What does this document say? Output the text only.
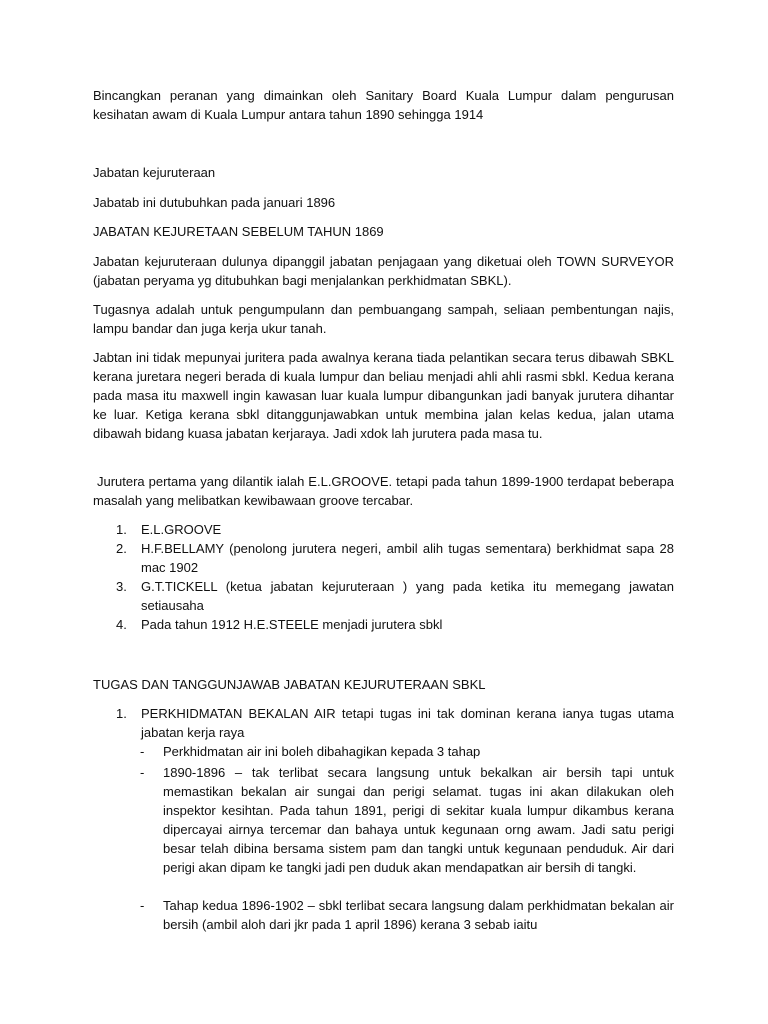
Bincangkan peranan yang dimainkan oleh Sanitary Board Kuala Lumpur dalam pengurusan kesihatan awam di Kuala Lumpur antara tahun 1890 sehingga 1914

Jabatan kejuruteraan

Jabatab ini dutubuhkan pada januari 1896

JABATAN KEJURETAAN SEBELUM TAHUN 1869

Jabatan kejuruteraan dulunya dipanggil jabatan penjagaan yang diketuai oleh TOWN SURVEYOR (jabatan peryama yg ditubuhkan bagi menjalankan perkhidmatan SBKL).

Tugasnya adalah untuk pengumpulann dan pembuangang sampah, seliaan pembentungan najis, lampu bandar dan juga kerja ukur tanah.

Jabtan ini tidak mepunyai juritera pada awalnya kerana tiada pelantikan secara terus dibawah SBKL kerana juretara negeri berada di kuala lumpur dan beliau menjadi ahli ahli rasmi sbkl. Kedua kerana pada masa itu maxwell ingin kawasan luar kuala lumpur dibangunkan jadi banyak jurutera dihantar ke luar. Ketiga kerana sbkl ditanggunjawabkan untuk membina jalan kelas kedua, jalan utama dibawah bidang kuasa jabatan kerjaraya. Jadi xdok lah jurutera pada masa tu.

Jurutera pertama yang dilantik ialah E.L.GROOVE. tetapi pada tahun 1899-1900 terdapat beberapa masalah yang melibatkan kewibawaan groove tercabar.

1.	E.L.GROOVE
2.	H.F.BELLAMY (penolong jurutera negeri, ambil alih tugas sementara) berkhidmat sapa 28 mac 1902
3.	G.T.TICKELL (ketua jabatan kejuruteraan ) yang pada ketika itu memegang jawatan setiausaha
4.	Pada tahun 1912 H.E.STEELE menjadi jurutera sbkl

TUGAS DAN TANGGUNJAWAB JABATAN KEJURUTERAAN SBKL

1.	PERKHIDMATAN BEKALAN AIR tetapi tugas ini tak dominan kerana ianya tugas utama jabatan kerja raya
-	Perkhidmatan air ini boleh dibahagikan kepada 3 tahap
-	1890-1896 – tak terlibat secara langsung untuk bekalkan air bersih tapi untuk memastikan bekalan air sungai dan perigi selamat. tugas ini akan dilakukan oleh inspektor kesihtan. Pada tahun 1891, perigi di sekitar kuala lumpur dikambus kerana dipercayai airnya tercemar dan bahaya untuk kegunaan orng awam. Jadi satu perigi besar telah dibina bersama sistem pam dan tangki untuk kegunaan penduduk. Air dari perigi akan dipam ke tangki jadi pen duduk akan mendapatkan air bersih di tangki.
-	Tahap kedua 1896-1902 – sbkl terlibat secara langsung dalam perkhidmatan bekalan air bersih (ambil aloh dari jkr pada 1 april 1896) kerana 3 sebab iaitu
